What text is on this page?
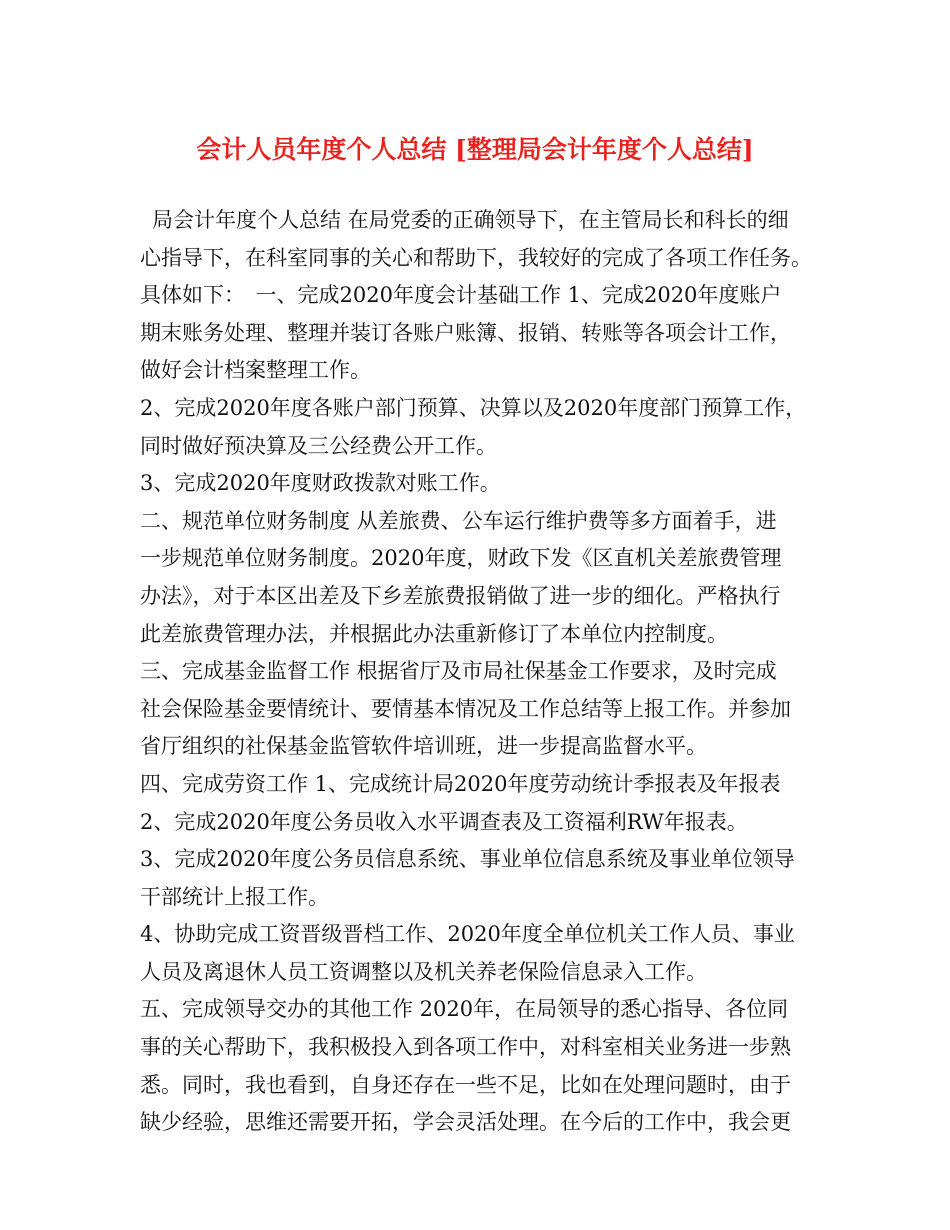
会计人员年度个人总结 [整理局会计年度个人总结]

局会计年度个人总结 在局党委的正确领导下，在主管局长和科长的细

心指导下，在科室同事的关心和帮助下，我较好的完成了各项工作任务。

具体如下：　一、完成2020年度会计基础工作 1、完成2020年度账户

期末账务处理、整理并装订各账户账簿、报销、转账等各项会计工作，

做好会计档案整理工作。

2、完成2020年度各账户部门预算、决算以及2020年度部门预算工作，

同时做好预决算及三公经费公开工作。

3、完成2020年度财政拨款对账工作。

二、规范单位财务制度 从差旅费、公车运行维护费等多方面着手，进

一步规范单位财务制度。2020年度，财政下发《区直机关差旅费管理

办法》，对于本区出差及下乡差旅费报销做了进一步的细化。严格执行

此差旅费管理办法，并根据此办法重新修订了本单位内控制度。

三、完成基金监督工作 根据省厅及市局社保基金工作要求，及时完成

社会保险基金要情统计、要情基本情况及工作总结等上报工作。并参加

省厅组织的社保基金监管软件培训班，进一步提高监督水平。

四、完成劳资工作 1、完成统计局2020年度劳动统计季报表及年报表

2、完成2020年度公务员收入水平调查表及工资福利RW年报表。

3、完成2020年度公务员信息系统、事业单位信息系统及事业单位领导

干部统计上报工作。

4、协助完成工资晋级晋档工作、2020年度全单位机关工作人员、事业

人员及离退休人员工资调整以及机关养老保险信息录入工作。

五、完成领导交办的其他工作 2020年，在局领导的悉心指导、各位同

事的关心帮助下，我积极投入到各项工作中，对科室相关业务进一步熟

悉。同时，我也看到，自身还存在一些不足，比如在处理问题时，由于

缺少经验，思维还需要开拓，学会灵活处理。在今后的工作中，我会更
